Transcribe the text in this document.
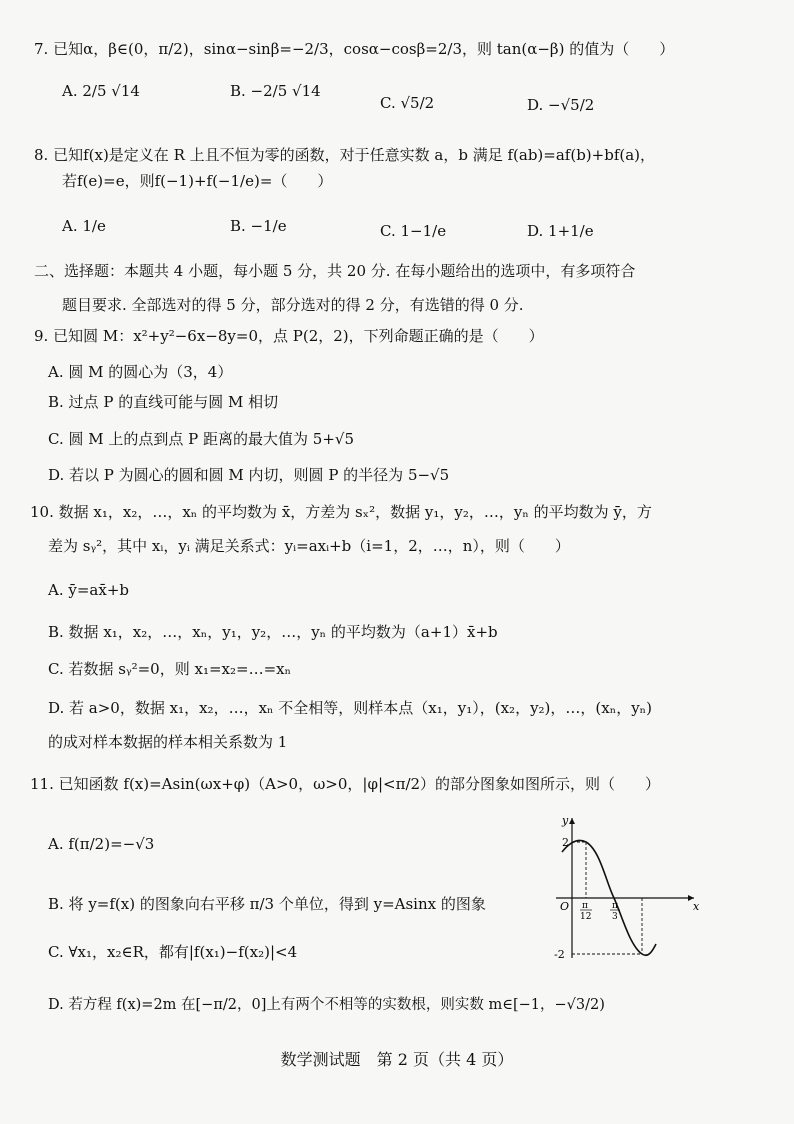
7. 已知α，β∈(0，π/2)，sinα−sinβ=−2/3，cosα−cosβ=2/3，则 tan(α−β) 的值为（　　）
A. 2/5 √14	B. −2/5 √14
C. √5/2	D. −√5/2
8. 已知f(x)是定义在 R 上且不恒为零的函数，对于任意实数 a，b 满足 f(ab)=af(b)+bf(a)，
若f(e)=e，则f(−1)+f(−1/e)=（　　）
A. 1/e	B. −1/e	C. 1−1/e	D. 1+1/e
二、选择题：本题共 4 小题，每小题 5 分，共 20 分. 在每小题给出的选项中，有多项符合
题目要求. 全部选对的得 5 分，部分选对的得 2 分，有选错的得 0 分.
9. 已知圆 M：x²+y²−6x−8y=0，点 P(2，2)，下列命题正确的是（　　）
A. 圆 M 的圆心为（3，4）
B. 过点 P 的直线可能与圆 M 相切
C. 圆 M 上的点到点 P 距离的最大值为 5+√5
D. 若以 P 为圆心的圆和圆 M 内切，则圆 P 的半径为 5−√5
10. 数据 x₁，x₂，…，xₙ 的平均数为 x̄，方差为 sₓ²，数据 y₁，y₂，…，yₙ 的平均数为 ȳ，方
差为 sᵧ²，其中 xᵢ，yᵢ 满足关系式：yᵢ=axᵢ+b（i=1，2，…，n），则（　　）
A. ȳ=ax̄+b
B. 数据 x₁，x₂，…，xₙ，y₁，y₂，…，yₙ 的平均数为（a+1）x̄+b
C. 若数据 sᵧ²=0，则 x₁=x₂=…=xₙ
D. 若 a>0，数据 x₁，x₂，…，xₙ 不全相等，则样本点（x₁，y₁），(x₂，y₂)，…，(xₙ，yₙ)
的成对样本数据的样本相关系数为 1
11. 已知函数 f(x)=Asin(ωx+φ)（A>0，ω>0，|φ|<π/2）的部分图象如图所示，则（　　）
A. f(π/2)=−√3
B. 将 y=f(x) 的图象向右平移 π/3 个单位，得到 y=Asinx 的图象
C. ∀x₁，x₂∈R，都有|f(x₁)−f(x₂)|<4
D. 若方程 f(x)=2m 在[−π/2，0]上有两个不相等的实数根，则实数 m∈[−1，−√3/2)
y
x
O
2
-2
π
12
π
3
数学测试题　第 2 页（共 4 页）
